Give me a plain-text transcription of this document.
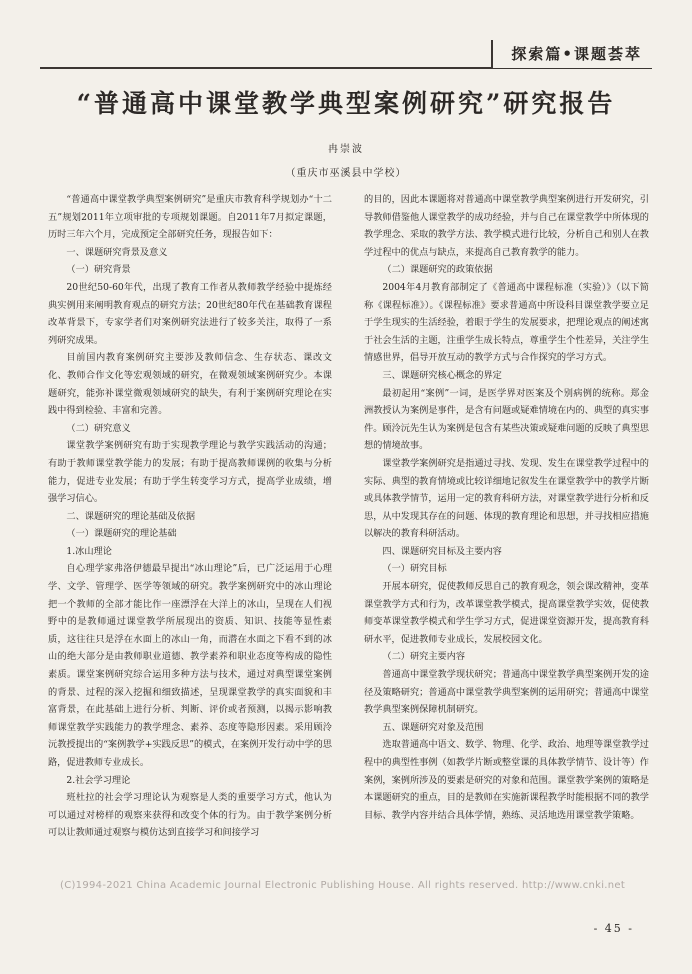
探索篇•课题荟萃
“普通高中课堂教学典型案例研究”研究报告
冉崇波
（重庆市巫溪县中学校）

“普通高中课堂教学典型案例研究”是重庆市教育科学规划办“十二五”规划2011年立项审批的专项规划课题。自2011年7月拟定课题，历时三年六个月，完成预定全部研究任务，现报告如下：

一、课题研究背景及意义

（一）研究背景

20世纪50-60年代，出现了教育工作者从教师教学经验中提炼经典实例用来阐明教育观点的研究方法；20世纪80年代在基础教育课程改革背景下，专家学者们对案例研究法进行了较多关注，取得了一系列研究成果。

目前国内教育案例研究主要涉及教师信念、生存状态、课改文化、教师合作文化等宏观领域的研究，在微观领域案例研究少。本课题研究，能弥补课堂微观领域研究的缺失，有利于案例研究理论在实践中得到检验、丰富和完善。

（二）研究意义

课堂教学案例研究有助于实现教学理论与教学实践活动的沟通；有助于教师课堂教学能力的发展；有助于提高教师课例的收集与分析能力，促进专业发展；有助于学生转变学习方式，提高学业成绩，增强学习信心。

二、课题研究的理论基础及依据

（一）课题研究的理论基础

1.冰山理论

自心理学家弗洛伊德最早提出“冰山理论”后，已广泛运用于心理学、文学、管理学、医学等领域的研究。教学案例研究中的冰山理论把一个教师的全部才能比作一座漂浮在大洋上的冰山，呈现在人们视野中的是教师通过课堂教学所展现出的资质、知识、技能等显性素质，这往往只是浮在水面上的冰山一角，而潜在水面之下看不到的冰山的绝大部分是由教师职业道德、教学素养和职业态度等构成的隐性素质。课堂案例研究综合运用多种方法与技术，通过对典型课堂案例的背景、过程的深入挖掘和细致描述，呈现课堂教学的真实面貌和丰富背景，在此基础上进行分析、判断、评价或者预测，以揭示影响教师课堂教学实践能力的教学理念、素养、态度等隐形因素。采用顾泠沅教授提出的“案例教学+实践反思”的模式，在案例开发行动中学的思路，促进教师专业成长。

2.社会学习理论

班杜拉的社会学习理论认为观察是人类的重要学习方式，他认为可以通过对榜样的观察来获得和改变个体的行为。由于教学案例分析可以让教师通过观察与模仿达到直接学习和间接学习

的目的，因此本课题将对普通高中课堂教学典型案例进行开发研究，引导教师借鉴他人课堂教学的成功经验，并与自己在课堂教学中所体现的教学理念、采取的教学方法、教学模式进行比较，分析自己和别人在教学过程中的优点与缺点，来提高自己教育教学的能力。

（二）课题研究的政策依据

2004年4月教育部制定了《普通高中课程标准（实验）》（以下简称《课程标准》）。《课程标准》要求普通高中所设科目课堂教学要立足于学生现实的生活经验，着眼于学生的发展要求，把理论观点的阐述寓于社会生活的主题，注重学生成长特点，尊重学生个性差异，关注学生情感世界，倡导开放互动的教学方式与合作探究的学习方式。

三、课题研究核心概念的界定

最初起用“案例”一词，是医学界对医案及个别病例的统称。郑金洲教授认为案例是事件，是含有问题或疑难情境在内的、典型的真实事件。顾泠沅先生认为案例是包含有某些决策或疑难问题的反映了典型思想的情境故事。

课堂教学案例研究是指通过寻找、发现、发生在课堂教学过程中的实际、典型的教育情境或比较详细地记叙发生在课堂教学中的教学片断或具体教学情节，运用一定的教育科研方法，对课堂教学进行分析和反思，从中发现其存在的问题、体现的教育理论和思想，并寻找相应措施以解决的教育科研活动。

四、课题研究目标及主要内容

（一）研究目标

开展本研究，促使教师反思自己的教育观念，领会课改精神，变革课堂教学方式和行为，改革课堂教学模式，提高课堂教学实效，促使教师变革课堂教学模式和学生学习方式，促进课堂资源开发，提高教育科研水平，促进教师专业成长，发展校园文化。

（二）研究主要内容

普通高中课堂教学现状研究；普通高中课堂教学典型案例开发的途径及策略研究；普通高中课堂教学典型案例的运用研究；普通高中课堂教学典型案例保障机制研究。

五、课题研究对象及范围

选取普通高中语文、数学、物理、化学、政治、地理等课堂教学过程中的典型性事例（如教学片断或整堂课的具体教学情节、设计等）作案例，案例所涉及的要素是研究的对象和范围。课堂教学案例的策略是本课题研究的重点，目的是教师在实施新课程教学时能根据不同的教学目标、教学内容并结合具体学情，熟练、灵活地选用课堂教学策略。

(C)1994-2021 China Academic Journal Electronic Publishing House. All rights reserved. http://www.cnki.net
- 45 -
